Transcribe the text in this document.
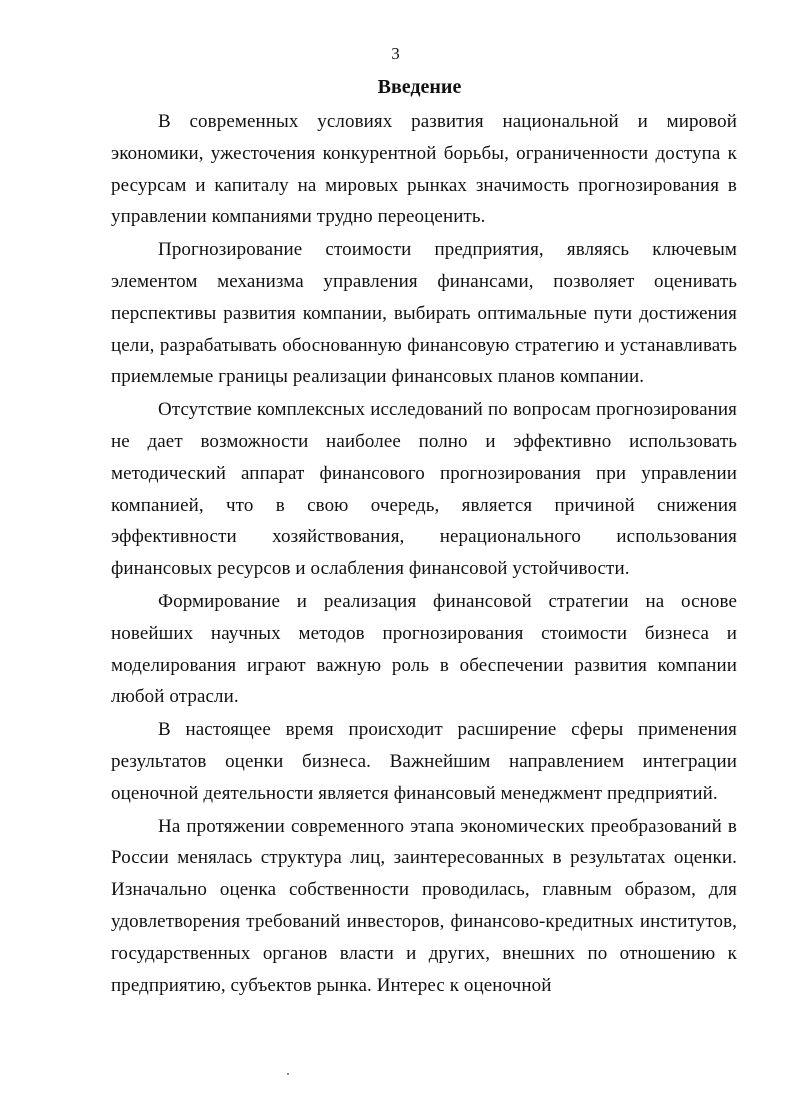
3
Введение

В современных условиях развития национальной и мировой экономики, ужесточения конкурентной борьбы, ограниченности доступа к ресурсам и капиталу на мировых рынках значимость прогнозирования в управлении компаниями трудно переоценить.

Прогнозирование стоимости предприятия, являясь ключевым элементом механизма управления финансами, позволяет оценивать перспективы развития компании, выбирать оптимальные пути достижения цели, разрабатывать обоснованную финансовую стратегию и устанавливать приемлемые границы реализации финансовых планов компании.

Отсутствие комплексных исследований по вопросам прогнозирования не дает возможности наиболее полно и эффективно использовать методический аппарат финансового прогнозирования при управлении компанией, что в свою очередь, является причиной снижения эффективности хозяйствования, нерационального использования финансовых ресурсов и ослабления финансовой устойчивости.

Формирование и реализация финансовой стратегии на основе новейших научных методов прогнозирования стоимости бизнеса и моделирования играют важную роль в обеспечении развития компании любой отрасли.

В настоящее время происходит расширение сферы применения результатов оценки бизнеса. Важнейшим направлением интеграции оценочной деятельности является финансовый менеджмент предприятий.

На протяжении современного этапа экономических преобразований в России менялась структура лиц, заинтересованных в результатах оценки. Изначально оценка собственности проводилась, главным образом, для удовлетворения требований инвесторов, финансово-кредитных институтов, государственных органов власти и других, внешних по отношению к предприятию, субъектов рынка. Интерес к оценочной
